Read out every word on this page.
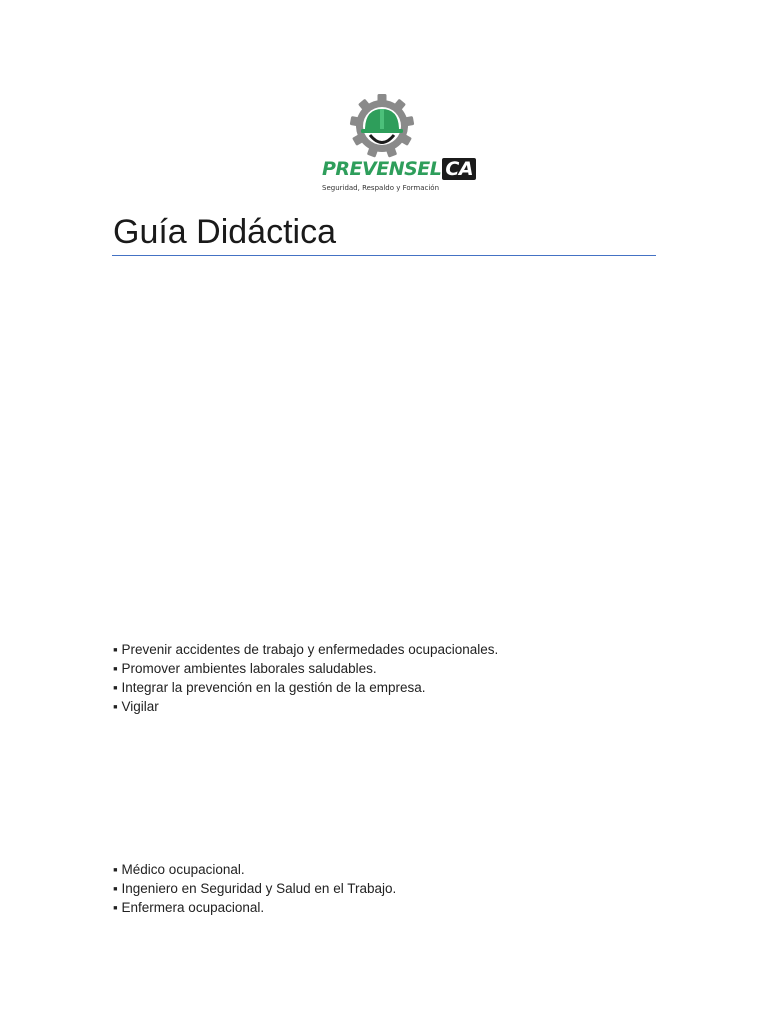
PREVENSEL CA
Seguridad, Respaldo y Formación
Guía Didáctica
▪ Prevenir accidentes de trabajo y enfermedades ocupacionales.
▪ Promover ambientes laborales saludables.
▪ Integrar la prevención en la gestión de la empresa.
▪ Vigilar
▪ Médico ocupacional.
▪ Ingeniero en Seguridad y Salud en el Trabajo.
▪ Enfermera ocupacional.
